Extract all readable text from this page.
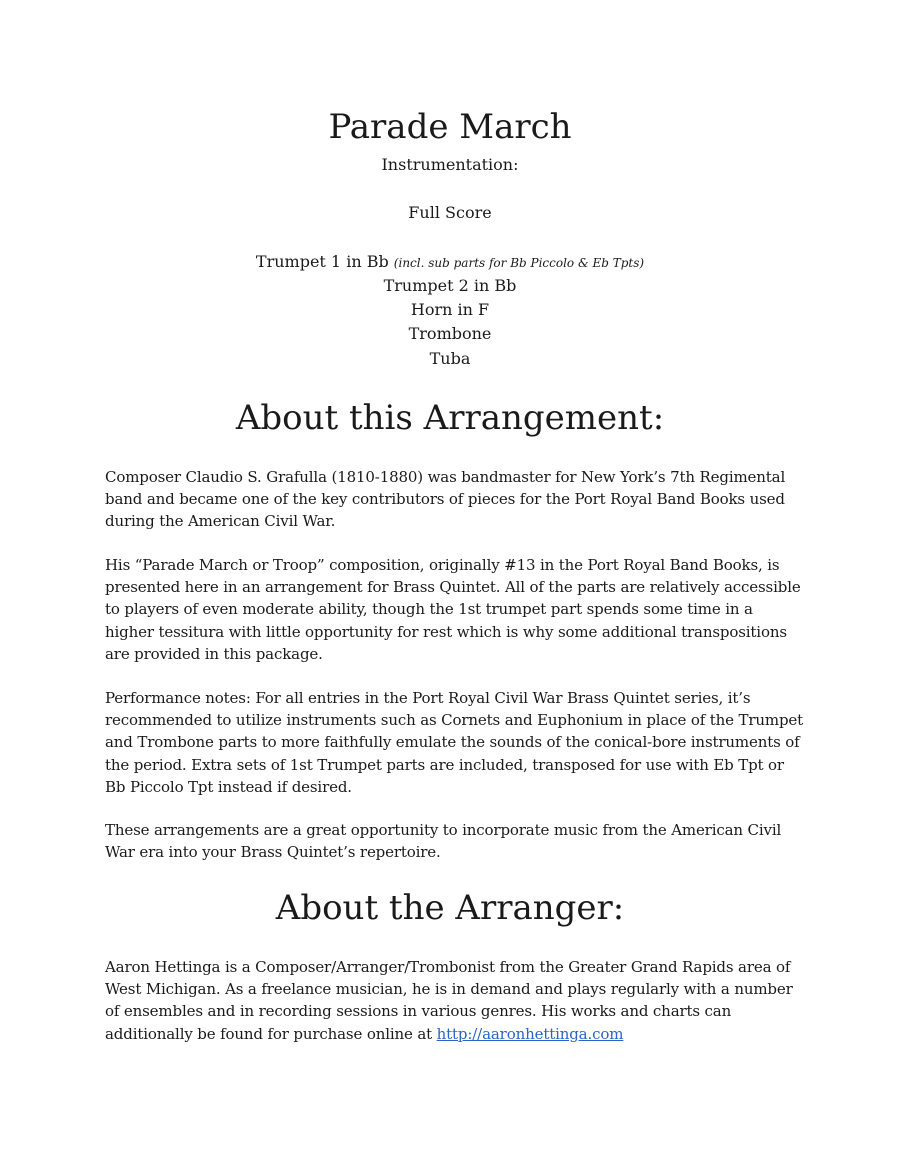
Parade March

Instrumentation:

Full Score

Trumpet 1 in Bb (incl. sub parts for Bb Piccolo & Eb Tpts)

Trumpet 2 in Bb

Horn in F

Trombone

Tuba

About this Arrangement:

Composer Claudio S. Grafulla (1810-1880) was bandmaster for New York’s 7th Regimental band and became one of the key contributors of pieces for the Port Royal Band Books used during the American Civil War.

His “Parade March or Troop” composition, originally #13 in the Port Royal Band Books, is presented here in an arrangement for Brass Quintet. All of the parts are relatively accessible to players of even moderate ability, though the 1st trumpet part spends some time in a higher tessitura with little opportunity for rest which is why some additional transpositions are provided in this package.

Performance notes: For all entries in the Port Royal Civil War Brass Quintet series, it’s recommended to utilize instruments such as Cornets and Euphonium in place of the Trumpet and Trombone parts to more faithfully emulate the sounds of the conical-bore instruments of the period. Extra sets of 1st Trumpet parts are included, transposed for use with Eb Tpt or Bb Piccolo Tpt instead if desired.

These arrangements are a great opportunity to incorporate music from the American Civil War era into your Brass Quintet’s repertoire.

About the Arranger:

Aaron Hettinga is a Composer/Arranger/Trombonist from the Greater Grand Rapids area of West Michigan. As a freelance musician, he is in demand and plays regularly with a number of ensembles and in recording sessions in various genres. His works and charts can additionally be found for purchase online at http://aaronhettinga.com
